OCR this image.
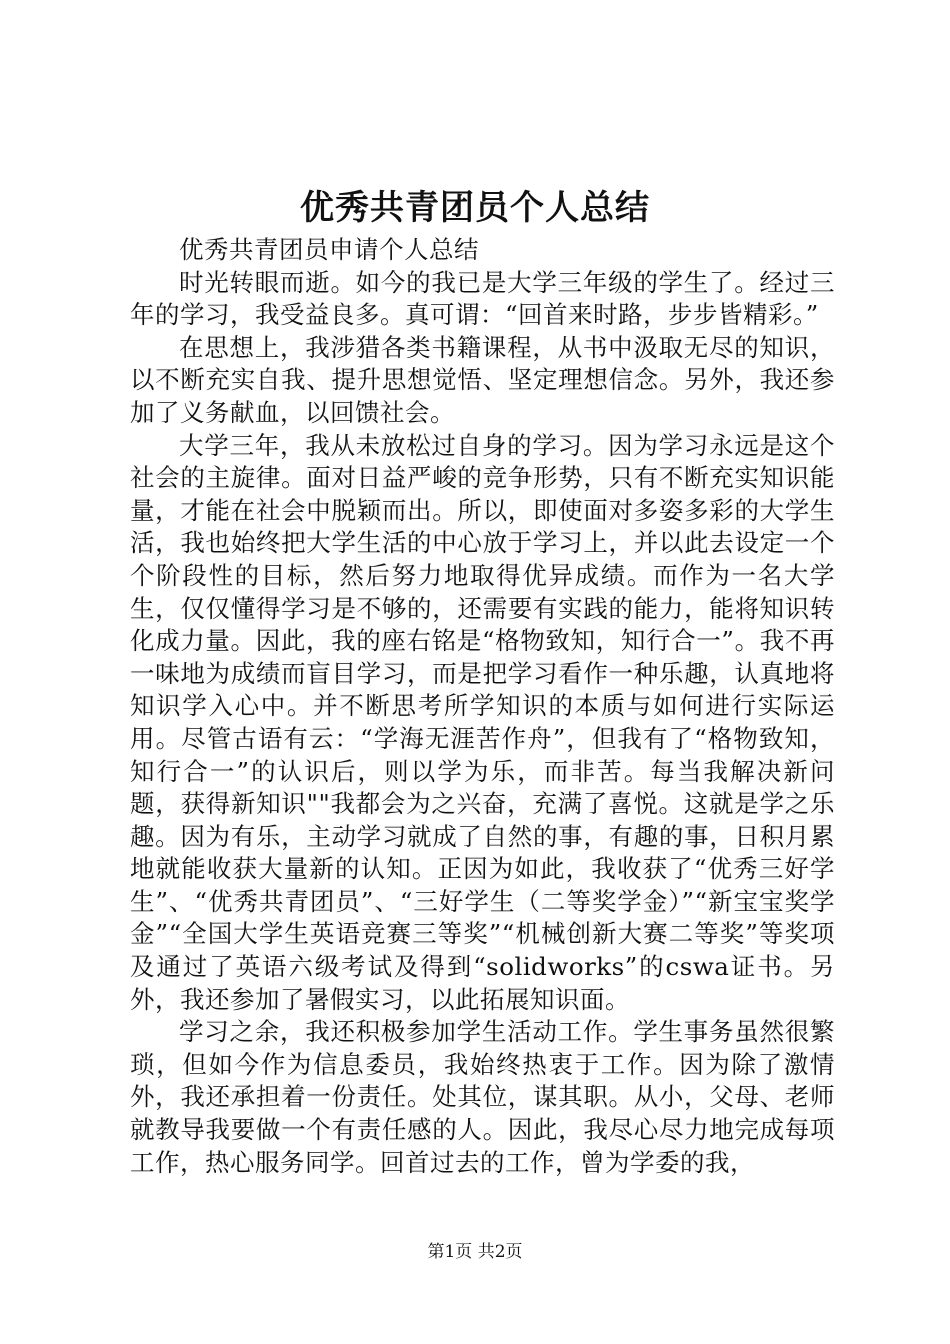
优秀共青团员个人总结

优秀共青团员申请个人总结

时光转眼而逝。如今的我已是大学三年级的学生了。经过三年的学习，我受益良多。真可谓：“回首来时路，步步皆精彩。”

在思想上，我涉猎各类书籍课程，从书中汲取无尽的知识，以不断充实自我、提升思想觉悟、坚定理想信念。另外，我还参加了义务献血，以回馈社会。

大学三年，我从未放松过自身的学习。因为学习永远是这个社会的主旋律。面对日益严峻的竞争形势，只有不断充实知识能量，才能在社会中脱颖而出。所以，即使面对多姿多彩的大学生活，我也始终把大学生活的中心放于学习上，并以此去设定一个个阶段性的目标，然后努力地取得优异成绩。而作为一名大学生，仅仅懂得学习是不够的，还需要有实践的能力，能将知识转化成力量。因此，我的座右铭是“格物致知，知行合一”。我不再一味地为成绩而盲目学习，而是把学习看作一种乐趣，认真地将知识学入心中。并不断思考所学知识的本质与如何进行实际运用。尽管古语有云：“学海无涯苦作舟”，但我有了“格物致知，知行合一”的认识后，则以学为乐，而非苦。每当我解决新问题，获得新知识""我都会为之兴奋，充满了喜悦。这就是学之乐趣。因为有乐，主动学习就成了自然的事，有趣的事，日积月累地就能收获大量新的认知。正因为如此，我收获了“优秀三好学生”、“优秀共青团员”、“三好学生（二等奖学金）”“新宝宝奖学金”“全国大学生英语竞赛三等奖”“机械创新大赛二等奖”等奖项及通过了英语六级考试及得到“solidworks”的cswa证书。另外，我还参加了暑假实习，以此拓展知识面。

学习之余，我还积极参加学生活动工作。学生事务虽然很繁琐，但如今作为信息委员，我始终热衷于工作。因为除了激情外，我还承担着一份责任。处其位，谋其职。从小，父母、老师就教导我要做一个有责任感的人。因此，我尽心尽力地完成每项工作，热心服务同学。回首过去的工作，曾为学委的我，

第1页 共2页
